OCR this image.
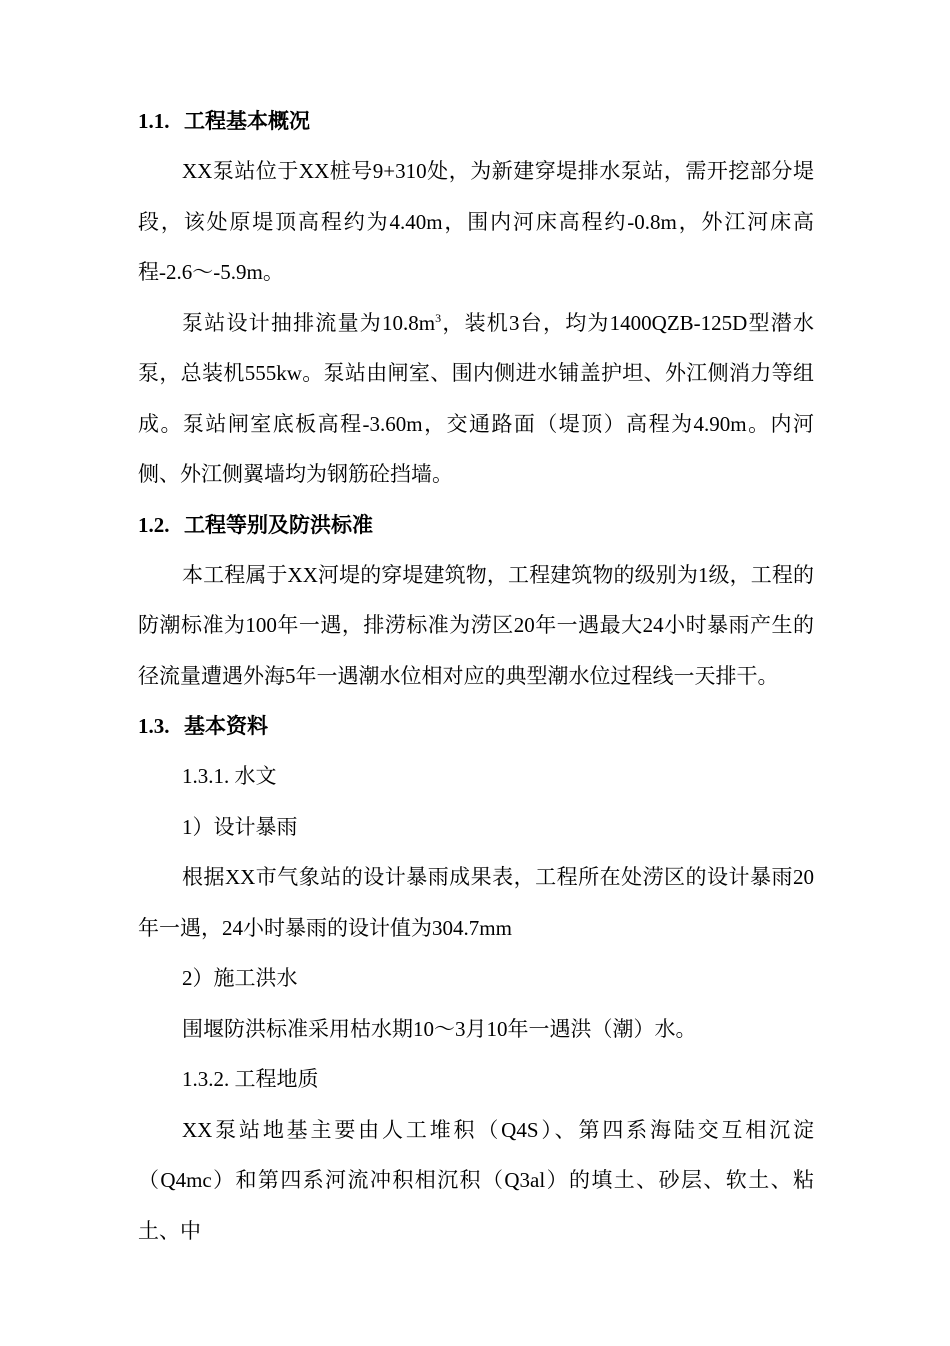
1.1. 工程基本概况

XX泵站位于XX桩号9+310处，为新建穿堤排水泵站，需开挖部分堤段，该处原堤顶高程约为4.40m，围内河床高程约-0.8m，外江河床高程-2.6～-5.9m。

泵站设计抽排流量为$10.8m^3$，装机3台，均为1400QZB-125D型潜水泵，总装机555kw。泵站由闸室、围内侧进水铺盖护坦、外江侧消力等组成。泵站闸室底板高程-3.60m，交通路面（堤顶）高程为4.90m。内河侧、外江侧翼墙均为钢筋砼挡墙。

1.2. 工程等别及防洪标准

本工程属于XX河堤的穿堤建筑物，工程建筑物的级别为1级，工程的防潮标准为100年一遇，排涝标准为涝区20年一遇最大24小时暴雨产生的径流量遭遇外海5年一遇潮水位相对应的典型潮水位过程线一天排干。

1.3. 基本资料
1.3.1. 水文
1）设计暴雨

根据XX市气象站的设计暴雨成果表，工程所在处涝区的设计暴雨20年一遇，24小时暴雨的设计值为304.7mm

2）施工洪水

围堰防洪标准采用枯水期10～3月10年一遇洪（潮）水。

1.3.2. 工程地质

XX泵站地基主要由人工堆积（Q4S）、第四系海陆交互相沉淀（Q4mc）和第四系河流冲积相沉积（Q3al）的填土、砂层、软土、粘土、中
